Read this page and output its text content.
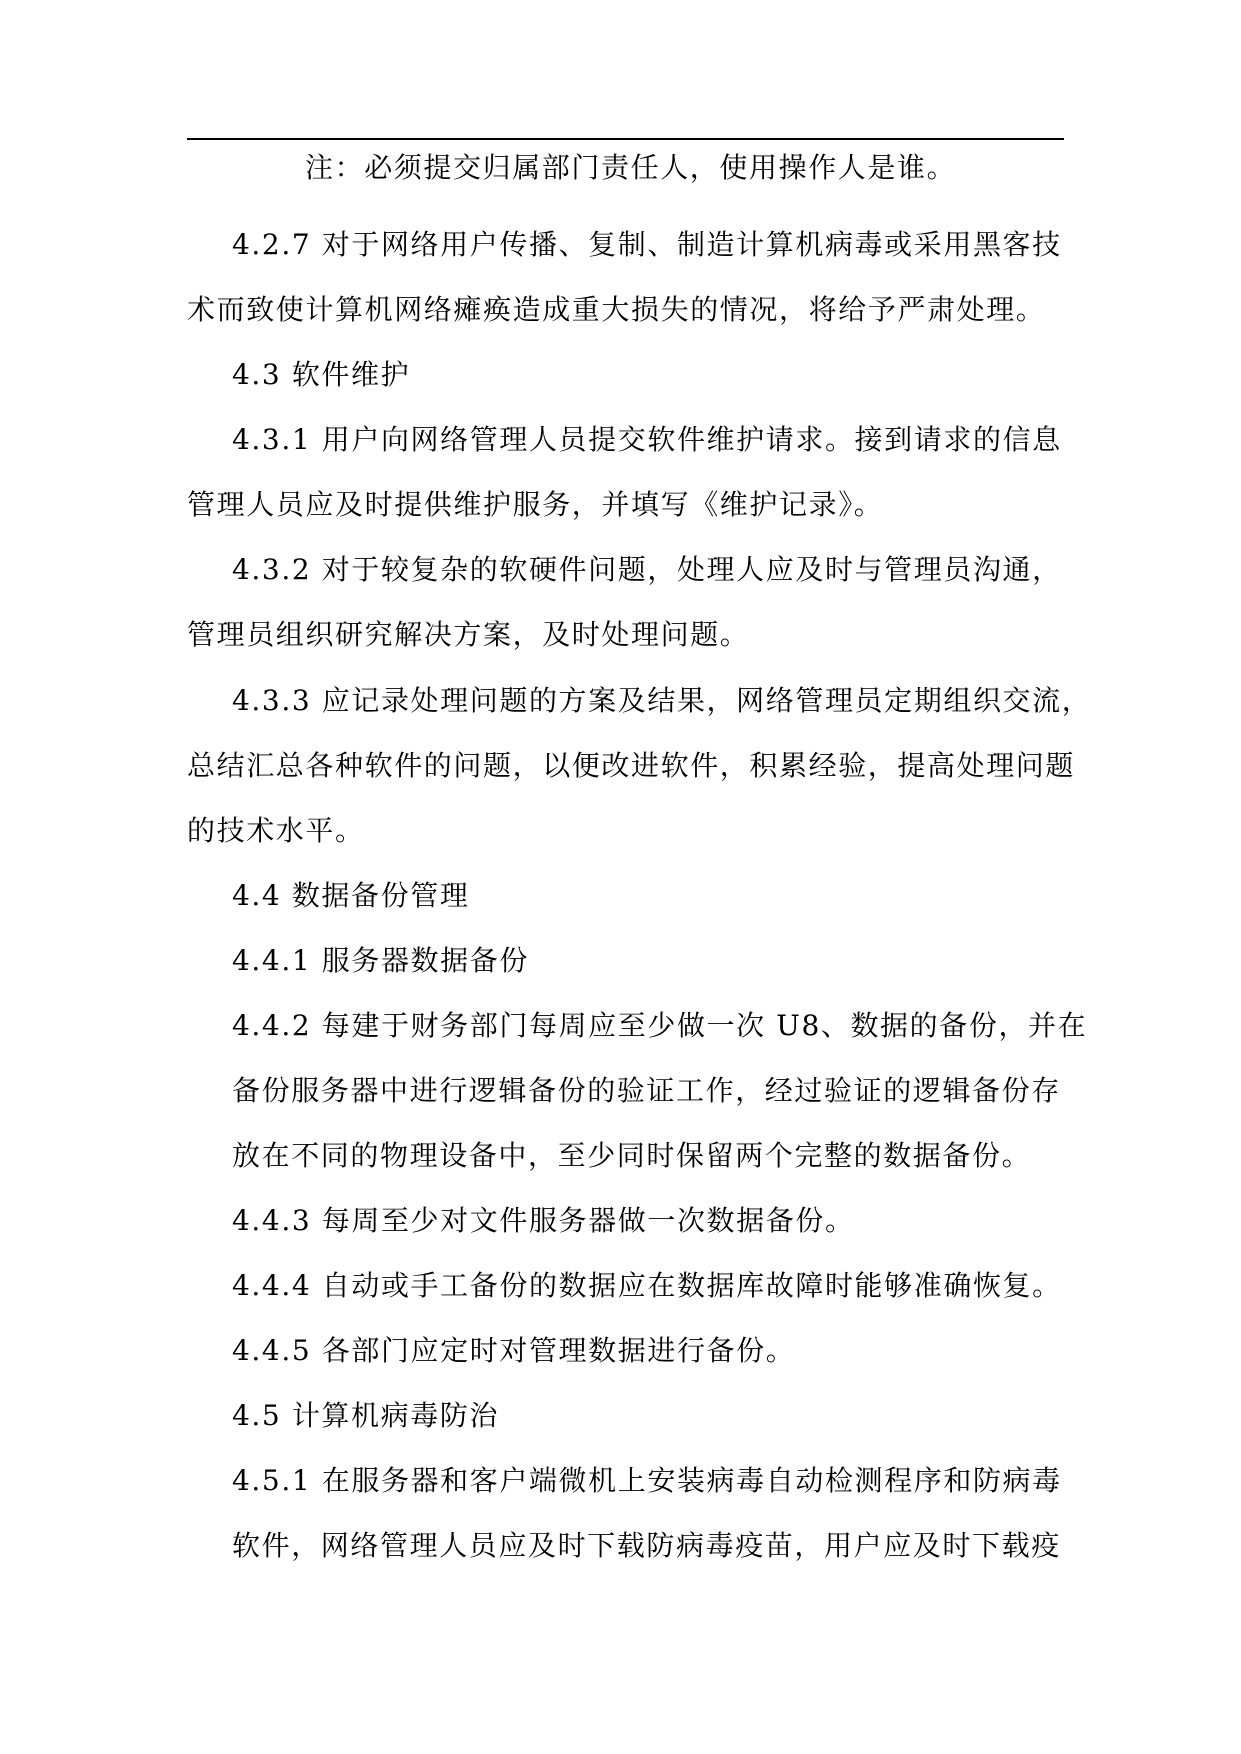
注：必须提交归属部门责任人，使用操作人是谁。
4.2.7 对于网络用户传播、复制、制造计算机病毒或采用黑客技
术而致使计算机网络瘫痪造成重大损失的情况，将给予严肃处理。
4.3 软件维护
4.3.1 用户向网络管理人员提交软件维护请求。接到请求的信息
管理人员应及时提供维护服务，并填写《维护记录》。
4.3.2 对于较复杂的软硬件问题，处理人应及时与管理员沟通，
管理员组织研究解决方案，及时处理问题。
4.3.3 应记录处理问题的方案及结果，网络管理员定期组织交流，
总结汇总各种软件的问题，以便改进软件，积累经验，提高处理问题
的技术水平。
4.4 数据备份管理
4.4.1 服务器数据备份
4.4.2 每建于财务部门每周应至少做一次 U8、数据的备份，并在
备份服务器中进行逻辑备份的验证工作，经过验证的逻辑备份存
放在不同的物理设备中，至少同时保留两个完整的数据备份。
4.4.3 每周至少对文件服务器做一次数据备份。
4.4.4 自动或手工备份的数据应在数据库故障时能够准确恢复。
4.4.5 各部门应定时对管理数据进行备份。
4.5 计算机病毒防治
4.5.1 在服务器和客户端微机上安装病毒自动检测程序和防病毒
软件，网络管理人员应及时下载防病毒疫苗，用户应及时下载疫
